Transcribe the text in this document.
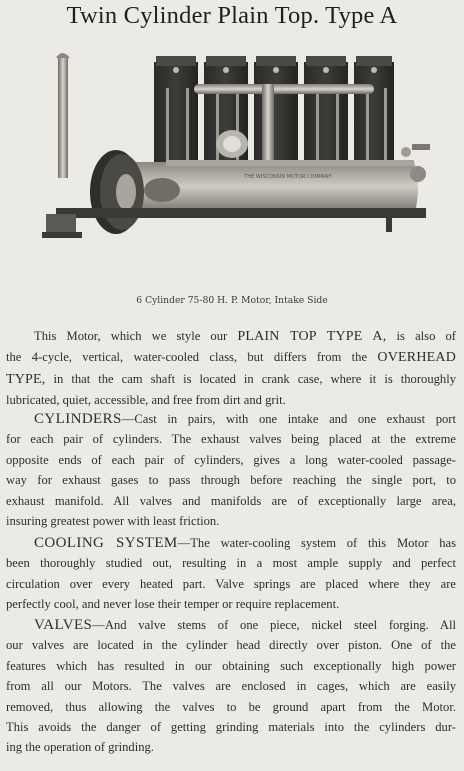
Twin Cylinder Plain Top. Type A
THE WISCONSIN MOTOR COMPANY
6 Cylinder 75-80 H. P. Motor, Intake Side
This Motor, which we style our PLAIN TOP TYPE A, is also of
the 4-cycle, vertical, water-cooled class, but differs from the OVERHEAD
TYPE, in that the cam shaft is located in crank case, where it is thoroughly
lubricated, quiet, accessible, and free from dirt and grit.
CYLINDERS—Cast in pairs, with one intake and one exhaust port
for each pair of cylinders. The exhaust valves being placed at the extreme
opposite ends of each pair of cylinders, gives a long water-cooled passage-
way for exhaust gases to pass through before reaching the single port, to
exhaust manifold. All valves and manifolds are of exceptionally large area,
insuring greatest power with least friction.
COOLING SYSTEM—The water-cooling system of this Motor has
been thoroughly studied out, resulting in a most ample supply and perfect
circulation over every heated part. Valve springs are placed where they are
perfectly cool, and never lose their temper or require replacement.
VALVES—And valve stems of one piece, nickel steel forging. All
our valves are located in the cylinder head directly over piston. One of the
features which has resulted in our obtaining such exceptionally high power
from all our Motors. The valves are enclosed in cages, which are easily
removed, thus allowing the valves to be ground apart from the Motor.
This avoids the danger of getting grinding materials into the cylinders dur-
ing the operation of grinding.
